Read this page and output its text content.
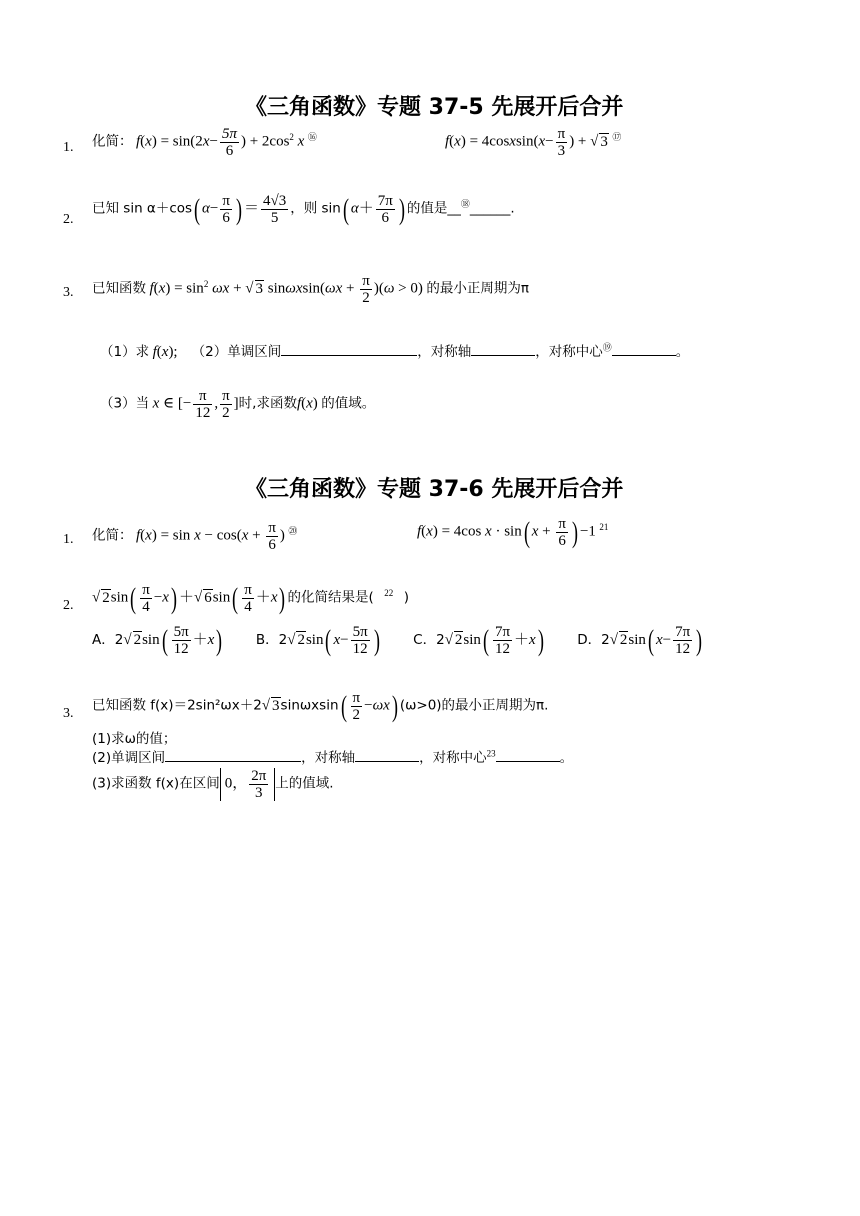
《三角函数》专题 37-5 先展开后合并
1. 化简： $f(x) = \sin(2x- \frac{5\pi}{6}$ ) + $2\cos^2$ x ⑯	f(x) = 4cosxsin(x− $\frac{\pi}{3}$ ) + √ 3 ⑰
2.
已知 sin α＋cos( $\alpha- \frac{\pi}{6}$ ) ＝ $\frac{4√3}{5}$ ，则 sin( $\alpha+ \frac{7\pi}{6}$ ) 的值是__⑱______.
3. 已知函数 $f(x) = \sin^2 \omega x$ + √ 3 $\sin\omega xsin(\omega x + \frac{\pi}{2} )(\omega > 0)$ 的最小正周期为π
（1）求 f(x); （2）单调区间	，对称轴	，对称中心⑲	。
（3）当 x ∈ [− $\frac{\pi}{12}$ , $\frac{\pi}{2}$ ]时,求函数f(x) 的值域。
《三角函数》专题 37-6 先展开后合并
1. 化简： $f(x) = \sin x - \cos(x + \frac{\pi}{6}$ ) ⑳	f(x) = 4cos x · sin( $x + \frac{\pi}{6}$ ) −1 $^{21}$
2. √ $2\sin( \frac{\pi}{4} -x)$ ＋√ $6\sin( \frac{\pi}{4} +x)$ 的化简结果是( $^{22}$ )
A．2√ $2\sin( \frac{5\pi}{12} +x)$ B．2√ 2sin( $x- \frac{5\pi}{12}$ ) C．2√ $2\sin( \frac{7\pi}{12} +x)$ D．2√ 2sin( $x- \frac{7\pi}{12}$ )
3. 已知函数 f(x)＝2sin²ωx＋2√ $3\sin\omega xsin( \frac{\pi}{2} -\omega x)$ (ω>0)的最小正周期为π.
(1)求ω的值；
(2)单调区间	，对称轴	，对称中心$^{23}$	。
(3)求函数 f(x)在区间 0， $\frac{2\pi}{3}$ 上的值域.
